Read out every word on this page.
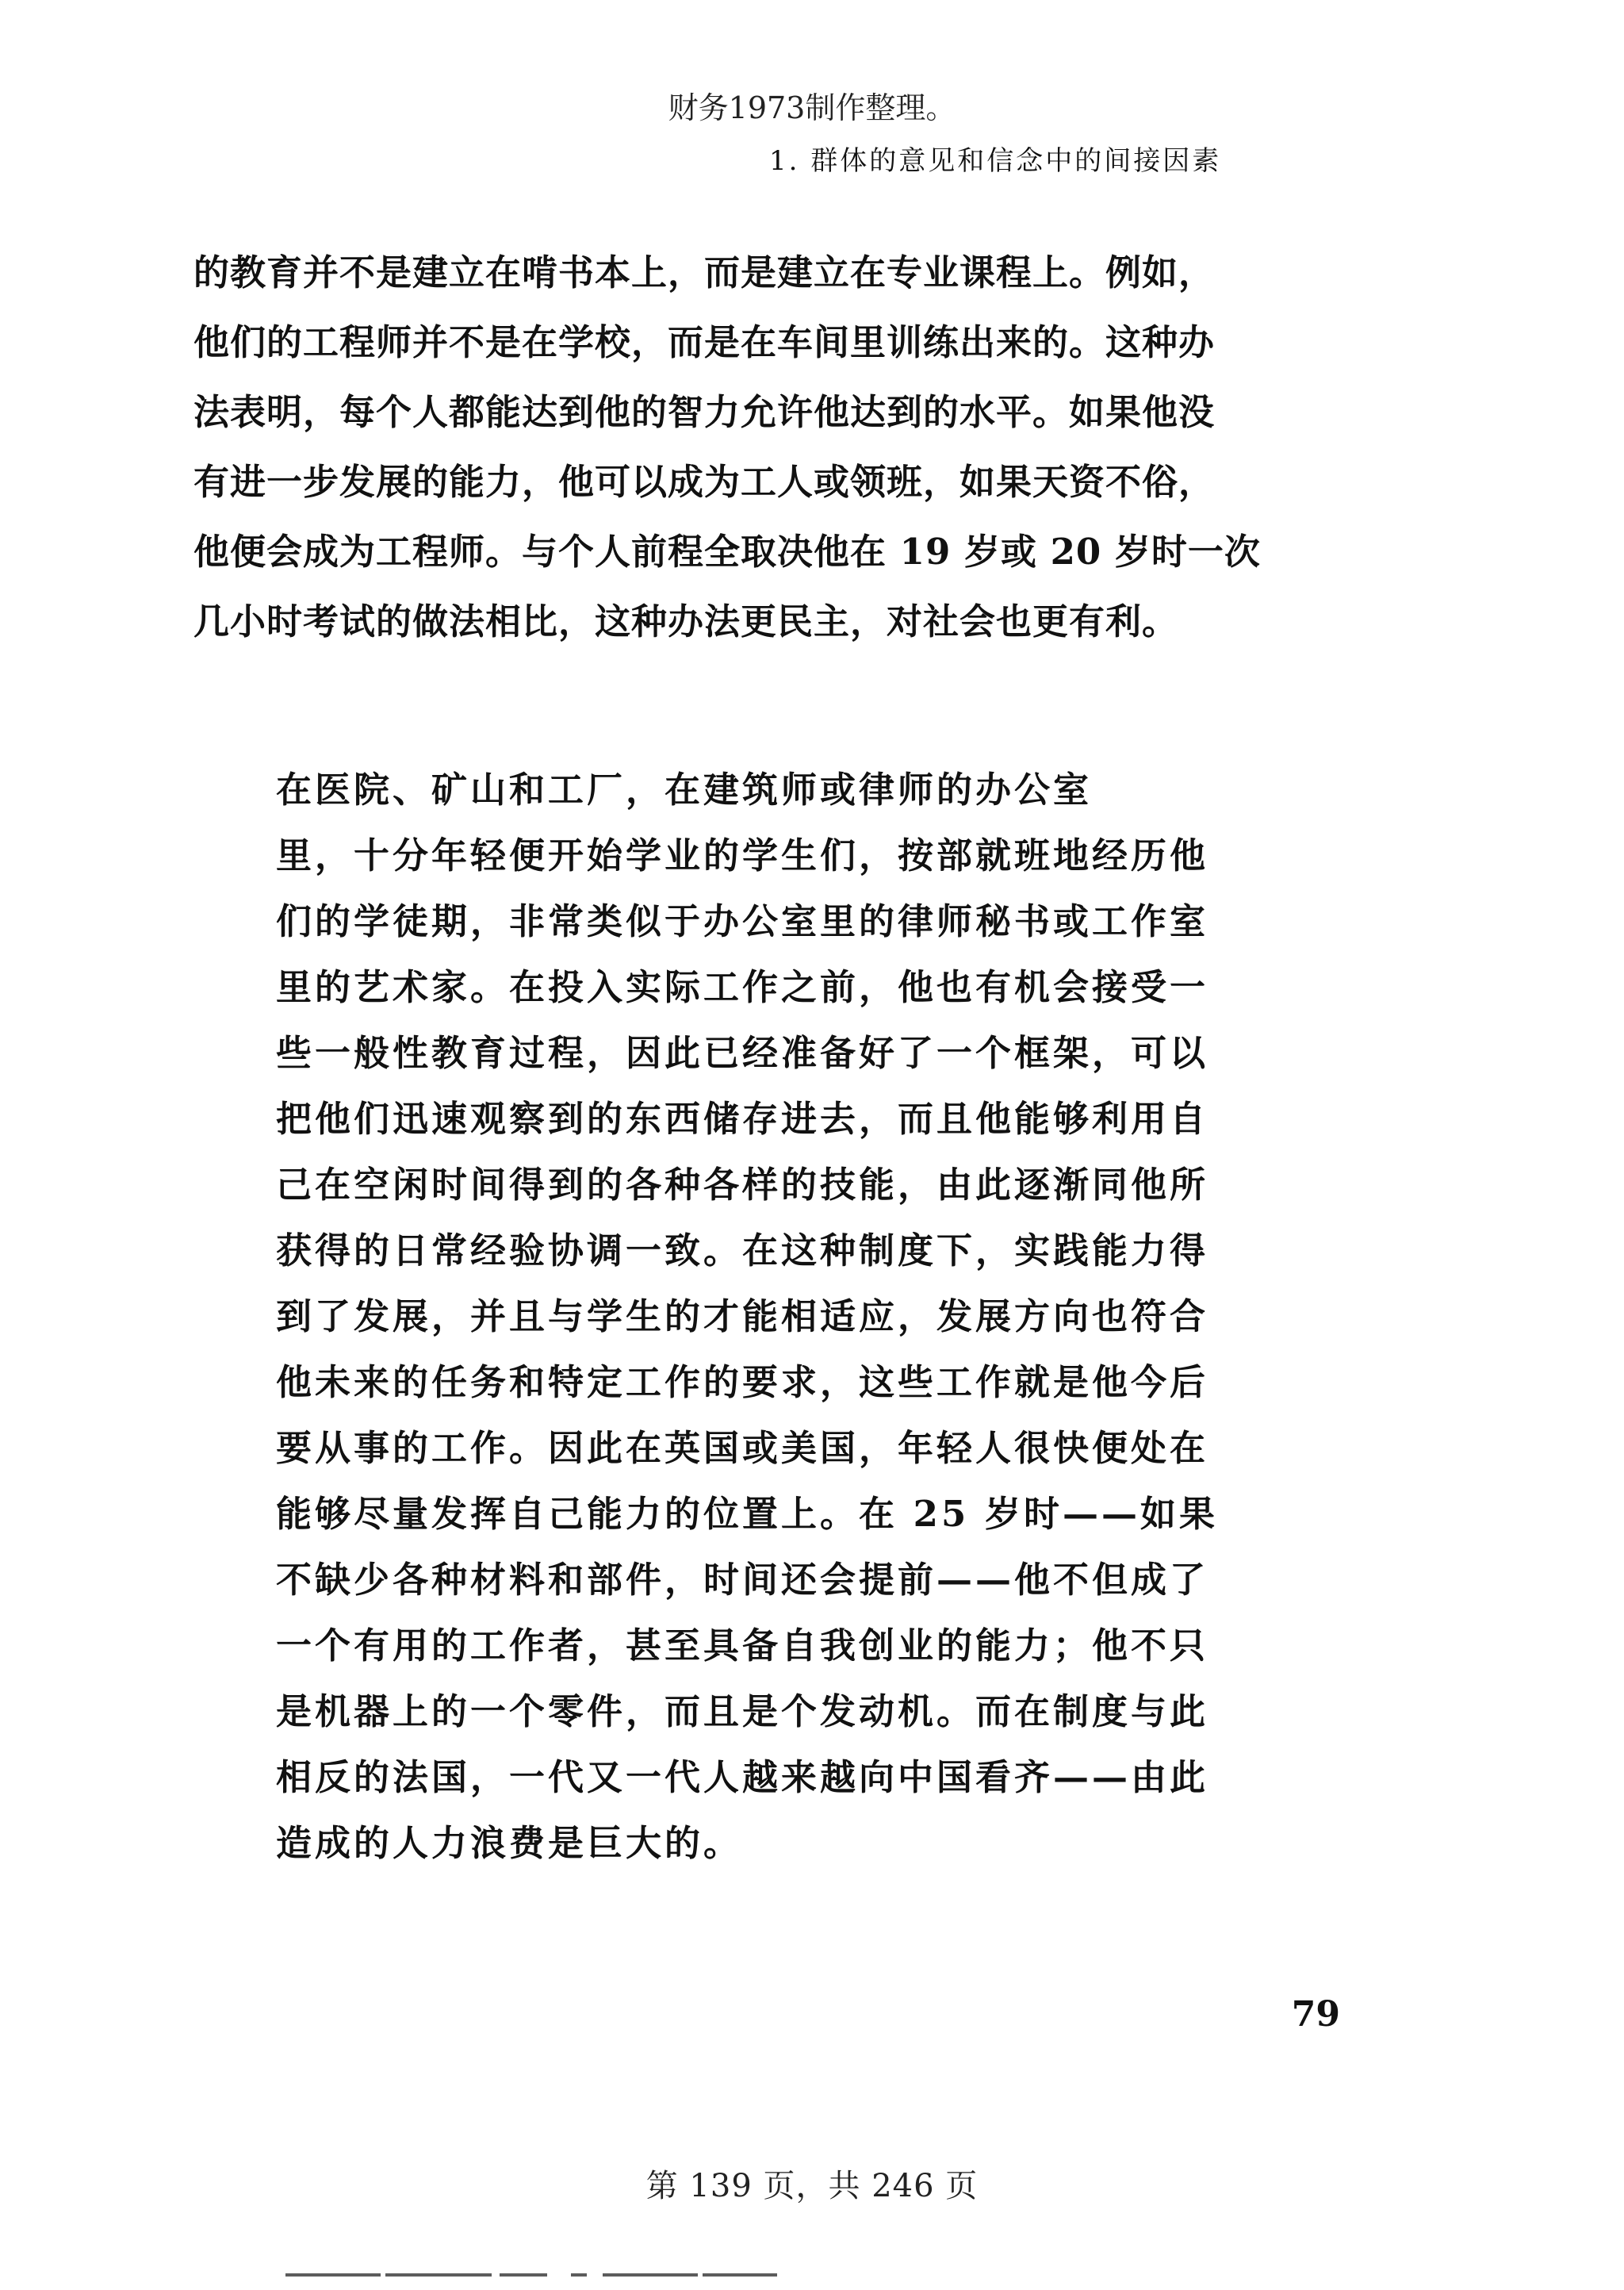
财务1973制作整理。
1. 群体的意见和信念中的间接因素
的教育并不是建立在啃书本上，而是建立在专业课程上。例如，
他们的工程师并不是在学校，而是在车间里训练出来的。这种办
法表明，每个人都能达到他的智力允许他达到的水平。如果他没
有进一步发展的能力，他可以成为工人或领班，如果天资不俗，
他便会成为工程师。与个人前程全取决他在 19 岁或 20 岁时一次
几小时考试的做法相比，这种办法更民主，对社会也更有利。
在医院、矿山和工厂，在建筑师或律师的办公室
里，十分年轻便开始学业的学生们，按部就班地经历他
们的学徒期，非常类似于办公室里的律师秘书或工作室
里的艺术家。在投入实际工作之前，他也有机会接受一
些一般性教育过程，因此已经准备好了一个框架，可以
把他们迅速观察到的东西储存进去，而且他能够利用自
己在空闲时间得到的各种各样的技能，由此逐渐同他所
获得的日常经验协调一致。在这种制度下，实践能力得
到了发展，并且与学生的才能相适应，发展方向也符合
他未来的任务和特定工作的要求，这些工作就是他今后
要从事的工作。因此在英国或美国，年轻人很快便处在
能够尽量发挥自己能力的位置上。在 25 岁时——如果
不缺少各种材料和部件，时间还会提前——他不但成了
一个有用的工作者，甚至具备自我创业的能力；他不只
是机器上的一个零件，而且是个发动机。而在制度与此
相反的法国，一代又一代人越来越向中国看齐——由此
造成的人力浪费是巨大的。
79
第 139 页，共 246 页
